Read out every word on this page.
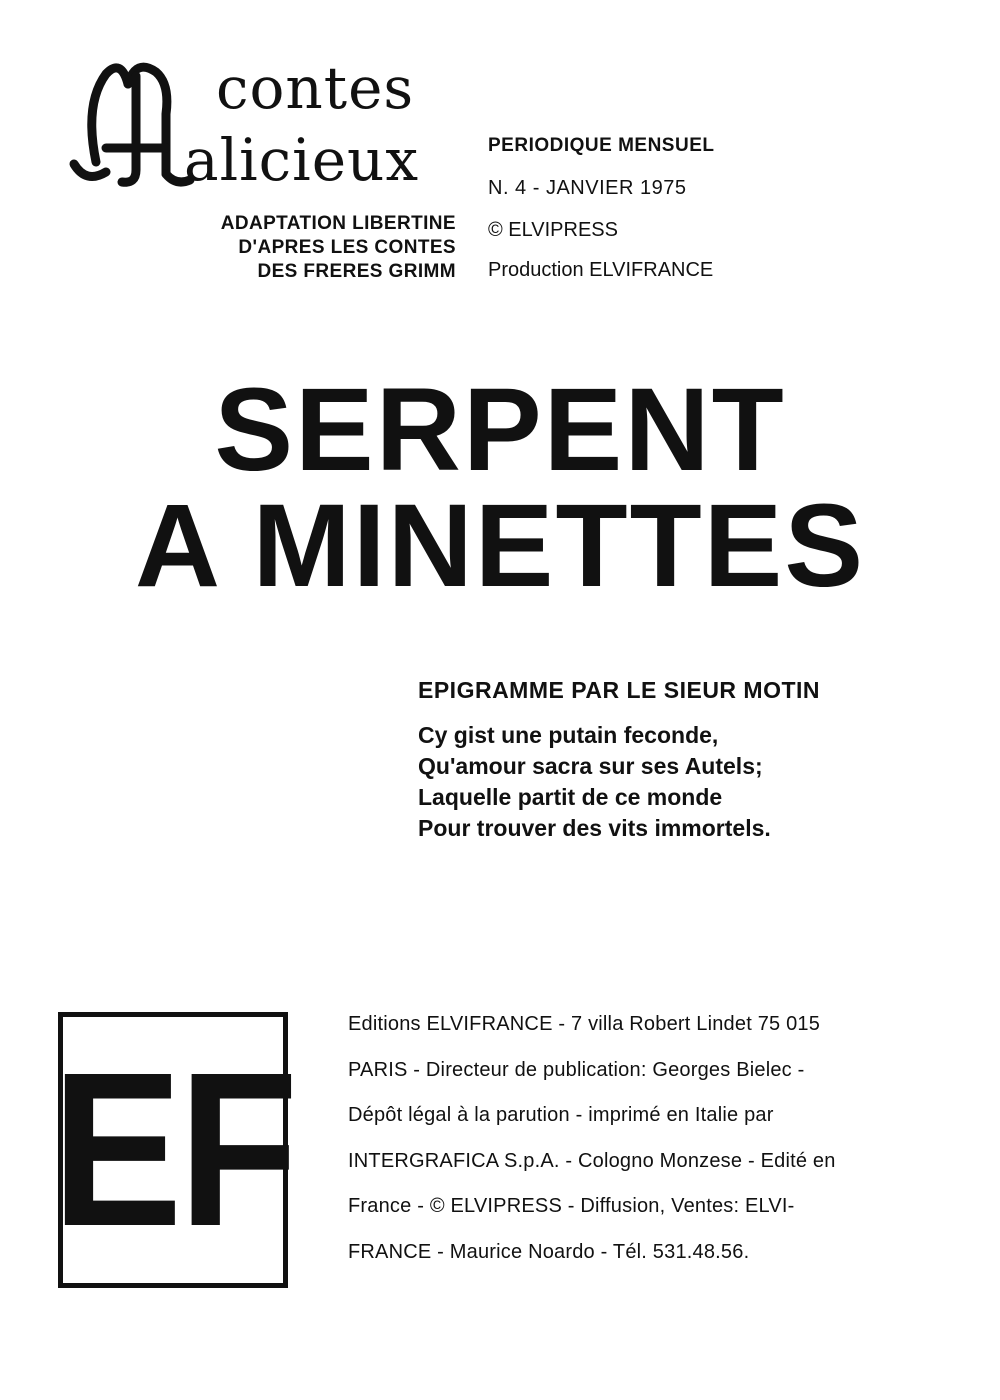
contes
alicieux
ADAPTATION LIBERTINE
D'APRES LES CONTES
DES FRERES GRIMM
PERIODIQUE MENSUEL
N. 4 - JANVIER 1975
© ELVIPRESS
Production ELVIFRANCE
SERPENT
A MINETTES
EPIGRAMME PAR LE SIEUR MOTIN
Cy gist une putain feconde,
Qu'amour sacra sur ses Autels;
Laquelle partit de ce monde
Pour trouver des vits immortels.
EF
Editions ELVIFRANCE - 7 villa Robert Lindet 75 015
PARIS - Directeur de publication: Georges Bielec -
Dépôt légal à la parution - imprimé en Italie par
INTERGRAFICA S.p.A. - Cologno Monzese - Edité en
France - © ELVIPRESS - Diffusion, Ventes: ELVI-
FRANCE - Maurice Noardo - Tél. 531.48.56.
